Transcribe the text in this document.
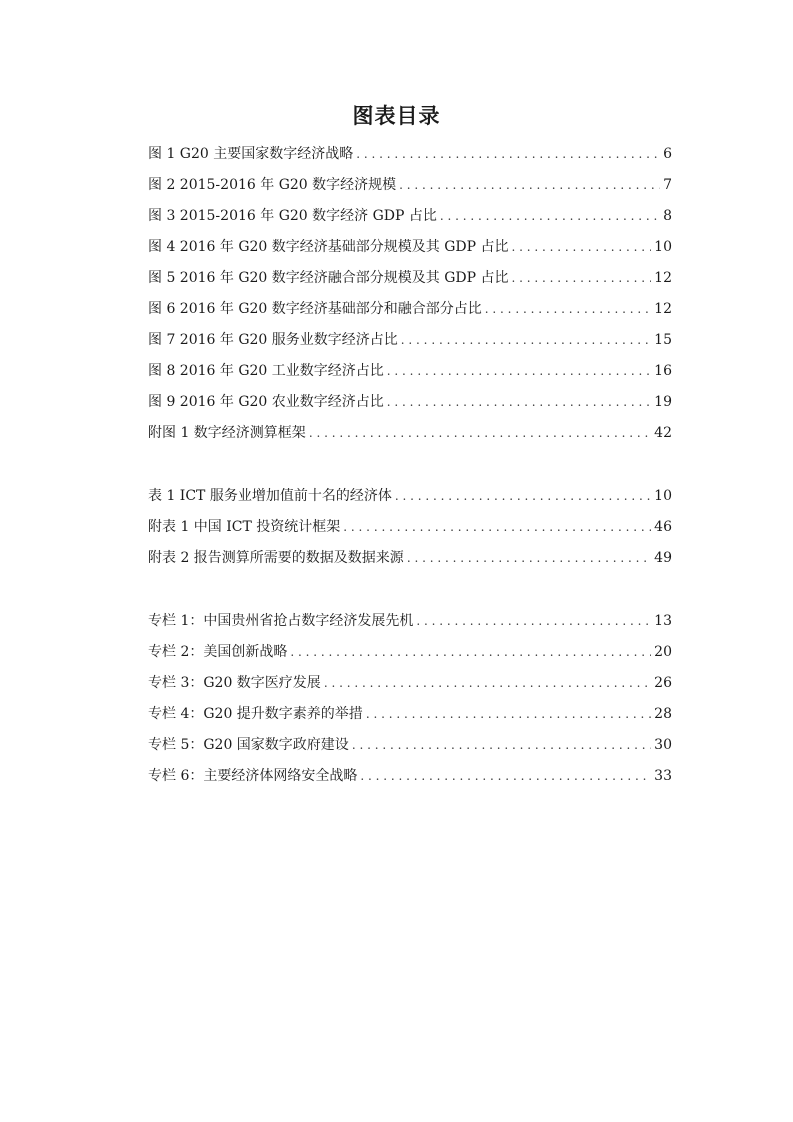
图表目录
图 1 G20 主要国家数字经济战略 . . .	6
图 2 2015-2016 年 G20 数字经济规模 . . .	7
图 3 2015-2016 年 G20 数字经济 GDP 占比 . . .	8
图 4 2016 年 G20 数字经济基础部分规模及其 GDP 占比 . . .	10
图 5 2016 年 G20 数字经济融合部分规模及其 GDP 占比 . . .	12
图 6 2016 年 G20 数字经济基础部分和融合部分占比 . . .	12
图 7 2016 年 G20 服务业数字经济占比 . . .	15
图 8 2016 年 G20 工业数字经济占比 . . .	16
图 9 2016 年 G20 农业数字经济占比 . . .	19
附图 1 数字经济测算框架 . . .	42
表 1 ICT 服务业增加值前十名的经济体 . . .	10
附表 1 中国 ICT 投资统计框架 . . .	46
附表 2 报告测算所需要的数据及数据来源 . . .	49
专栏 1：中国贵州省抢占数字经济发展先机 . . .	13
专栏 2：美国创新战略 . . .	20
专栏 3：G20 数字医疗发展 . . .	26
专栏 4：G20 提升数字素养的举措 . . .	28
专栏 5：G20 国家数字政府建设 . . .	30
专栏 6：主要经济体网络安全战略 . . .	33
